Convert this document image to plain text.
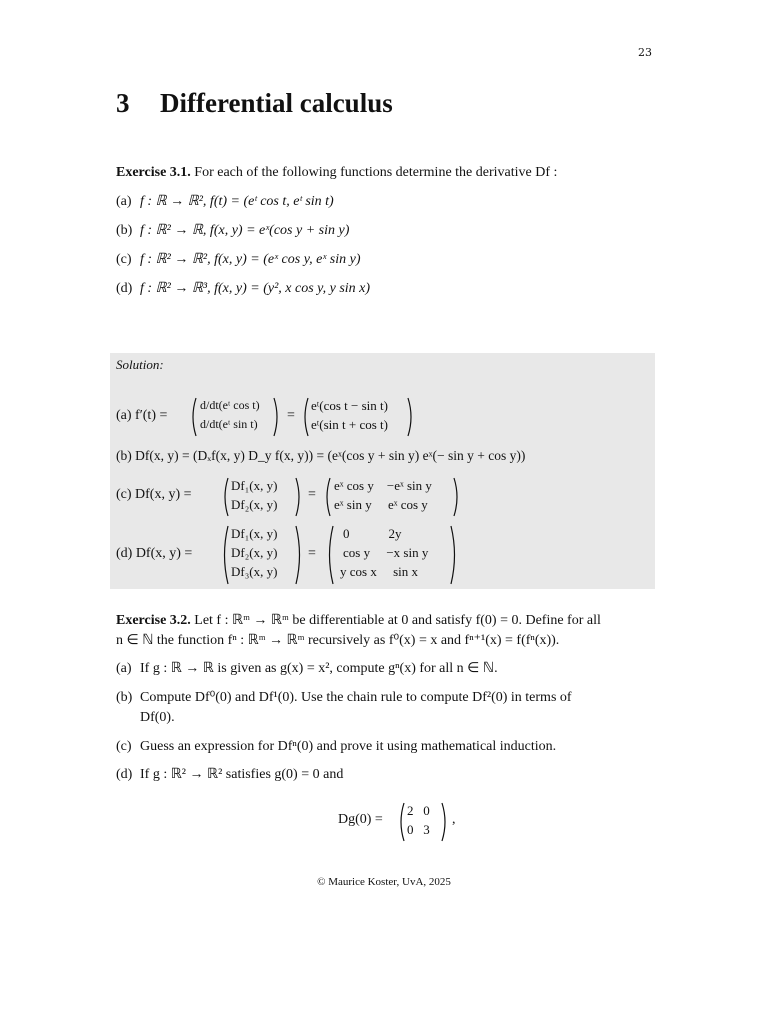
23
3 Differential calculus
Exercise 3.1. For each of the following functions determine the derivative Df :
(a) f : ℝ → ℝ², f(t) = (eᵗ cos t, eᵗ sin t)
(b) f : ℝ² → ℝ, f(x, y) = eˣ(cos y + sin y)
(c) f : ℝ² → ℝ², f(x, y) = (eˣ cos y, eˣ sin y)
(d) f : ℝ² → ℝ³, f(x, y) = (y², x cos y, y sin x)
Solution:
(a) f′(t) =
d/dt(eᵗ cos t)
d/dt(eᵗ sin t)
=
eᵗ(cos t − sin t)
eᵗ(sin t + cos t)
(b) Df(x, y) = (Dₓf(x, y) D_y f(x, y)) = (eˣ(cos y + sin y) eˣ(− sin y + cos y))
(c) Df(x, y) =
Df₁(x, y)
Df₂(x, y)
=
eˣ cos y    −eˣ sin y
eˣ sin y     eˣ cos y
(d) Df(x, y) =
Df₁(x, y)
Df₂(x, y)
Df₃(x, y)
=
0            2y
cos y     −x sin y
y cos x     sin x
Exercise 3.2. Let f : ℝᵐ → ℝᵐ be differentiable at 0 and satisfy f(0) = 0. Define for all
n ∈ ℕ the function fⁿ : ℝᵐ → ℝᵐ recursively as f⁰(x) = x and fⁿ⁺¹(x) = f(fⁿ(x)).
(a) If g : ℝ → ℝ is given as g(x) = x², compute gⁿ(x) for all n ∈ ℕ.
(b) Compute Df⁰(0) and Df¹(0). Use the chain rule to compute Df²(0) in terms of
Df(0).
(c) Guess an expression for Dfⁿ(0) and prove it using mathematical induction.
(d) If g : ℝ² → ℝ² satisfies g(0) = 0 and
Dg(0) =
2   0
0   3
,
© Maurice Koster, UvA, 2025
